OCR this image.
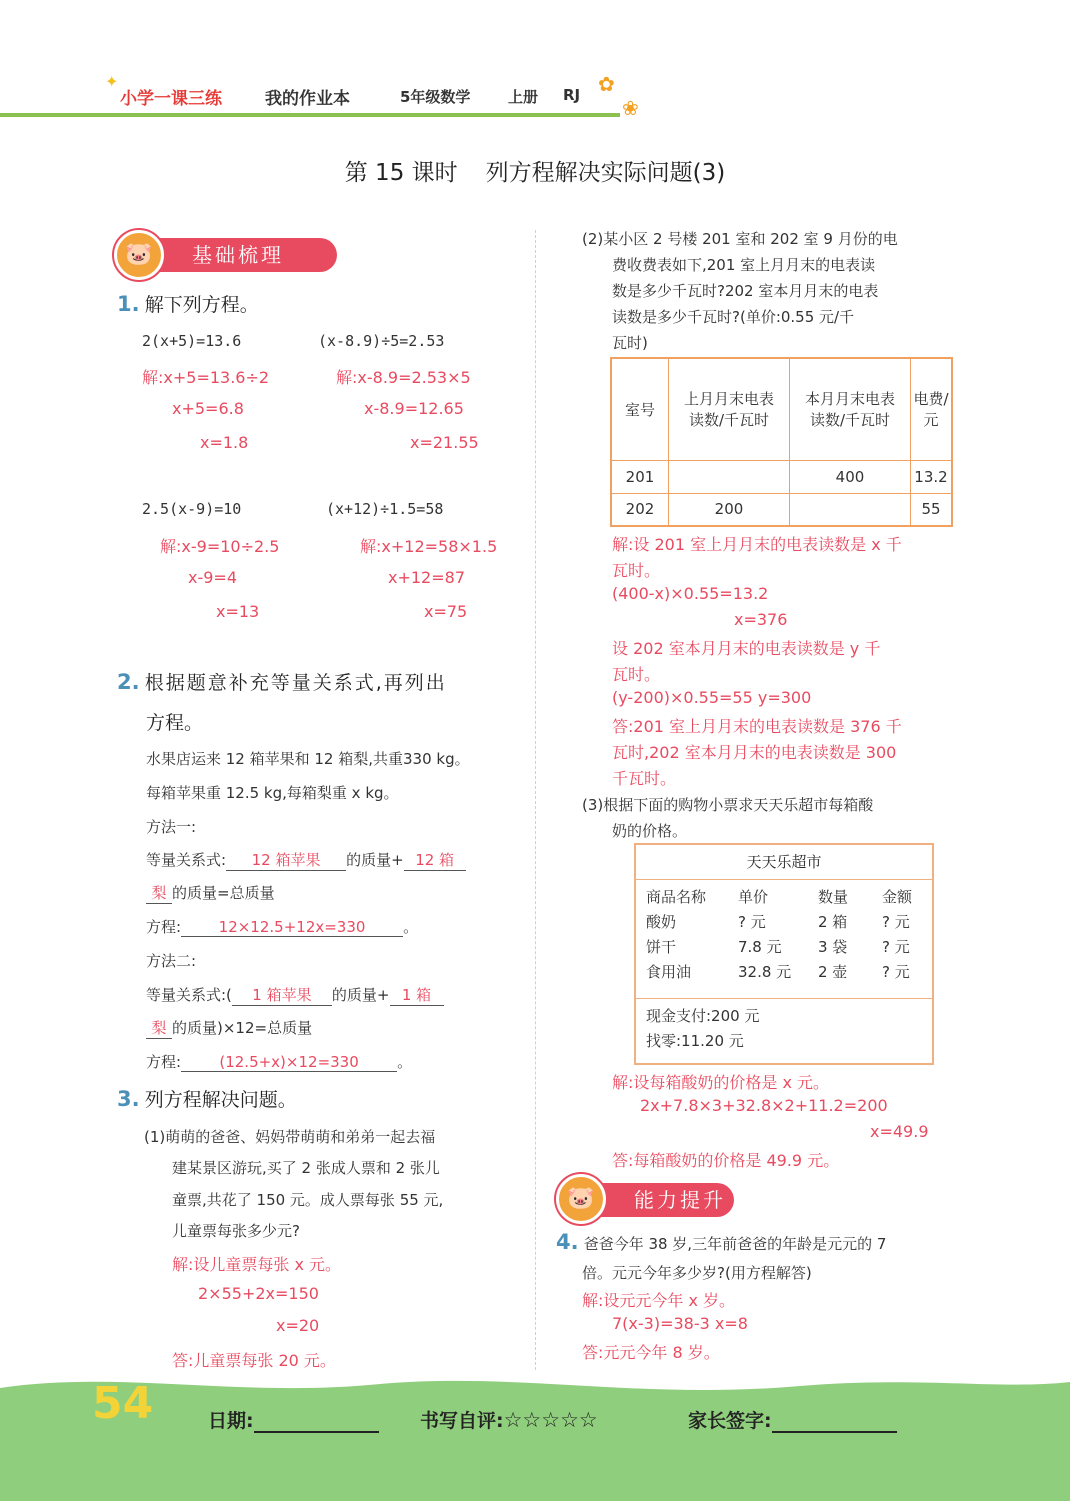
小学一课三练	我的作业本	5年级数学	上册 RJ ✿
❀
✦
第 15 课时 列方程解决实际问题(3)
基础梳理
🐷
1. 解下列方程。
2(x+5)=13.6
解:x+5=13.6÷2
x+5=6.8
x=1.8
(x-8.9)÷5=2.53
解:x-8.9=2.53×5
x-8.9=12.65
x=21.55
2.5(x-9)=10
解:x-9=10÷2.5
x-9=4
x=13
(x+12)÷1.5=58
解:x+12=58×1.5
x+12=87
x=75
2. 根据题意补充等量关系式,再列出
方程。
水果店运来 12 箱苹果和 12 箱梨,共重330 kg。
每箱苹果重 12.5 kg,每箱梨重 x kg。
方法一:
等量关系式: 12 箱苹果 的质量+ 12 箱
梨 的质量=总质量
方程:	12×12.5+12x=330	。
方法二:
等量关系式:( 1 箱苹果 的质量+ 1 箱
梨 的质量)×12=总质量
方程:	(12.5+x)×12=330	。
3. 列方程解决问题。
(1)萌萌的爸爸、妈妈带萌萌和弟弟一起去福
建某景区游玩,买了 2 张成人票和 2 张儿
童票,共花了 150 元。成人票每张 55 元,
儿童票每张多少元?
解:设儿童票每张 x 元。
2×55+2x=150
x=20
答:儿童票每张 20 元。
(2)某小区 2 号楼 201 室和 202 室 9 月份的电
费收费表如下,201 室上月月末的电表读
数是多少千瓦时?202 室本月月末的电表
读数是多少千瓦时?(单价:0.55 元/千
瓦时)
室号	上月月末电表读数/千瓦时	本月月末电表读数/千瓦时	电费/元
201		400	13.2
202	200		55
解:设 201 室上月月末的电表读数是 x 千
瓦时。
(400-x)×0.55=13.2
x=376
设 202 室本月月末的电表读数是 y 千
瓦时。
(y-200)×0.55=55 y=300
答:201 室上月月末的电表读数是 376 千
瓦时,202 室本月月末的电表读数是 300
千瓦时。
(3)根据下面的购物小票求天天乐超市每箱酸
奶的价格。
天天乐超市
商品名称	单价	数量	金额
酸奶	? 元	2 箱	? 元
饼干	7.8 元	3 袋	? 元
食用油	32.8 元	2 壶	? 元
现金支付:200 元
找零:11.20 元
解:设每箱酸奶的价格是 x 元。
2x+7.8×3+32.8×2+11.2=200
x=49.9
答:每箱酸奶的价格是 49.9 元。
能力提升
🐷
4. 爸爸今年 38 岁,三年前爸爸的年龄是元元的 7
倍。元元今年多少岁?(用方程解答)
解:设元元今年 x 岁。
7(x-3)=38-3 x=8
答:元元今年 8 岁。
54	日期:	书写自评:☆☆☆☆☆	家长签字:
